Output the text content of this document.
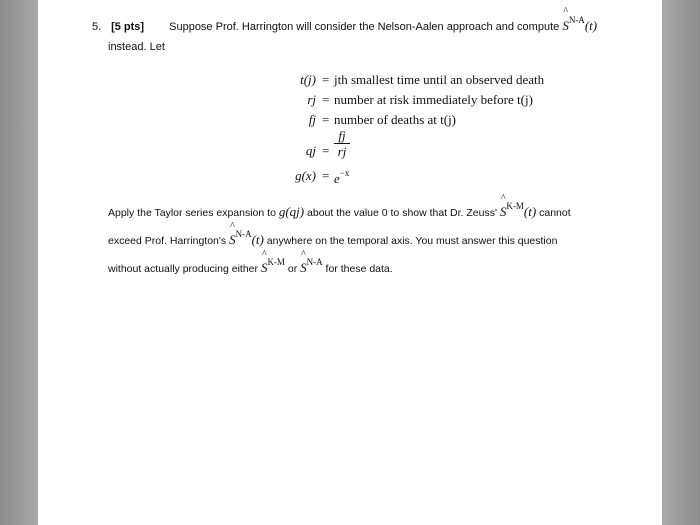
5. [5 pts] Suppose Prof. Harrington will consider the Nelson-Aalen approach and compute
^
$S^{N-A}(t)$
instead. Let
t(j) = jth smallest time until an observed death
rj = number at risk immediately before t(j)
fj = number of deaths at t(j)
qj = $\frac{fj}{rj}$
$g(x) = e^{-x}$
Apply the Taylor series expansion to g(qj) about the value 0 to show that Dr. Zeuss'
^
$S^{K-M}(t)$ cannot
exceed Prof. Harrington's
^
$S^{N-A}(t)$ anywhere on the temporal axis. You must answer this question
without actually producing either
^
$S^{K-M}$ or
^
$S^{N-A}$ for these data.
